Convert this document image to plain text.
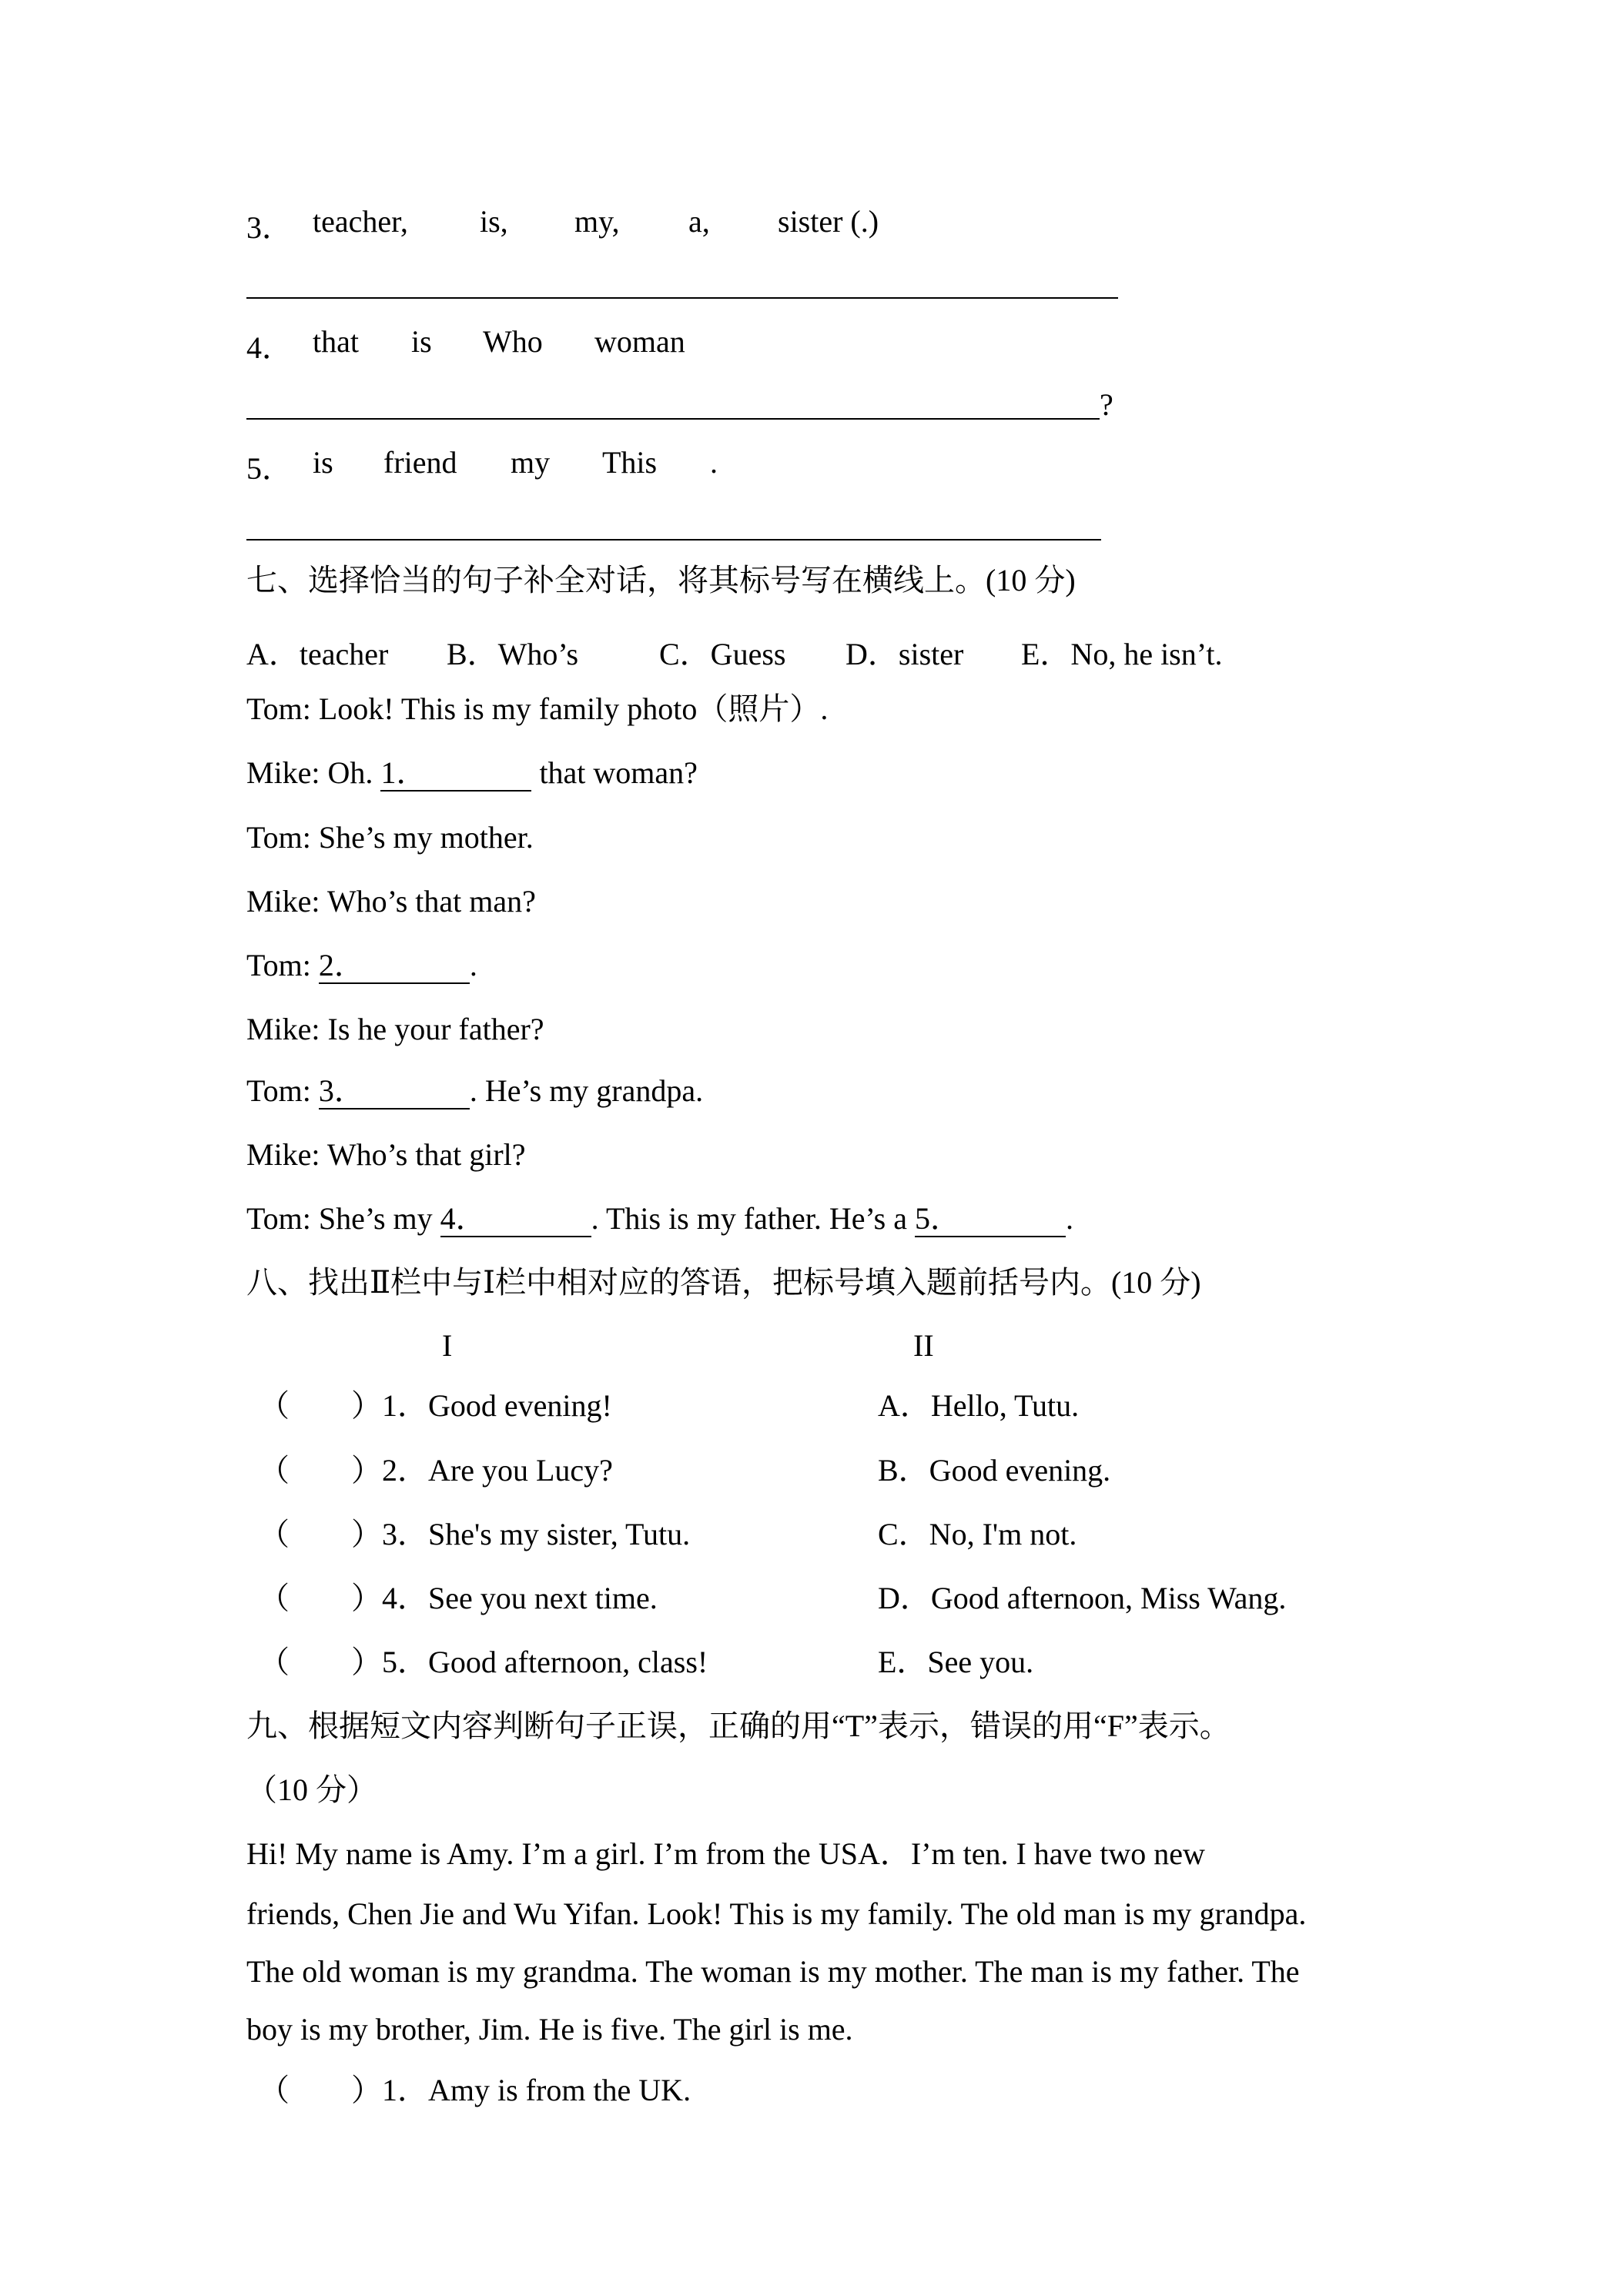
3． teacher, is, my, a, sister (.)
4． that is Who woman
?
5． is friend my This .
七、选择恰当的句子补全对话，将其标号写在横线上。(10 分)
A．teacher B．Who’s	C．Guess D．sister E．No, he isn’t.
Tom: Look! This is my family photo（照片）.
Mike: Oh. 1．	that woman?
Tom: She’s my mother.
Mike: Who’s that man?
Tom: 2．	.
Mike: Is he your father?
Tom: 3．	. He’s my grandpa.
Mike: Who’s that girl?
Tom: She’s my 4．	. This is my father. He’s a 5．	.
八、找出Ⅱ栏中与Ⅰ栏中相对应的答语，把标号填入题前括号内。(10 分)
I	II
（　　）1．Good evening!	A．Hello, Tutu.
（　　）2．Are you Lucy?	B．Good evening.
（　　）3．She's my sister, Tutu.	C．No, I'm not.
（　　）4．See you next time.	D．Good afternoon, Miss Wang.
（　　）5．Good afternoon, class!	E．See you.
九、根据短文内容判断句子正误，正确的用“T”表示，错误的用“F”表示。
（10 分）
Hi! My name is Amy. I’m a girl. I’m from the USA．I’m ten. I have two new
friends, Chen Jie and Wu Yifan. Look! This is my family. The old man is my grandpa.
The old woman is my grandma. The woman is my mother. The man is my father. The
boy is my brother, Jim. He is five. The girl is me.
（　　）1．Amy is from the UK.
